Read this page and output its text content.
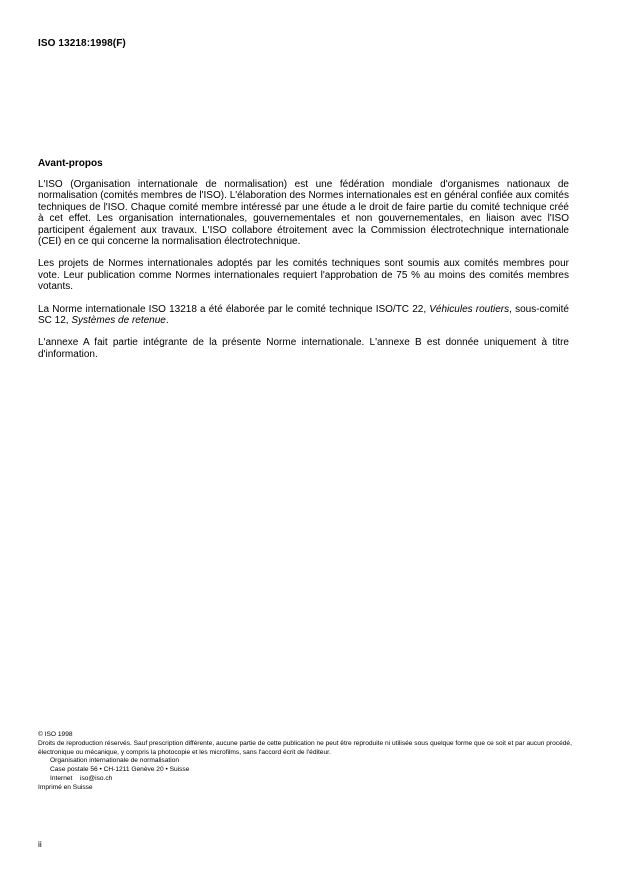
ISO 13218:1998(F)
Avant-propos

L'ISO (Organisation internationale de normalisation) est une fédération mondiale d'organismes nationaux de normalisation (comités membres de l'ISO). L'élaboration des Normes internationales est en général confiée aux comités techniques de l'ISO. Chaque comité membre intéressé par une étude a le droit de faire partie du comité technique créé à cet effet. Les organisation internationales, gouvernementales et non gouvernementales, en liaison avec l'ISO participent également aux travaux. L'ISO collabore étroitement avec la Commission électrotechnique internationale (CEI) en ce qui concerne la normalisation électrotechnique.

Les projets de Normes internationales adoptés par les comités techniques sont soumis aux comités membres pour vote. Leur publication comme Normes internationales requiert l'approbation de 75 % au moins des comités membres votants.

La Norme internationale ISO 13218 a été élaborée par le comité technique ISO/TC 22, Véhicules routiers, sous-comité SC 12, Systèmes de retenue.

L'annexe A fait partie intégrante de la présente Norme internationale. L'annexe B est donnée uniquement à titre d'information.

© ISO 1998
Droits de reproduction réservés. Sauf prescription différente, aucune partie de cette publication ne peut être reproduite ni utilisée sous quelque forme que ce soit et par aucun procédé, électronique ou mécanique, y compris la photocopie et les microfilms, sans l'accord écrit de l'éditeur.
Organisation internationale de normalisation
Case postale 56 • CH-1211 Genève 20 • Suisse
Internet iso@iso.ch
Imprimé en Suisse
ii
